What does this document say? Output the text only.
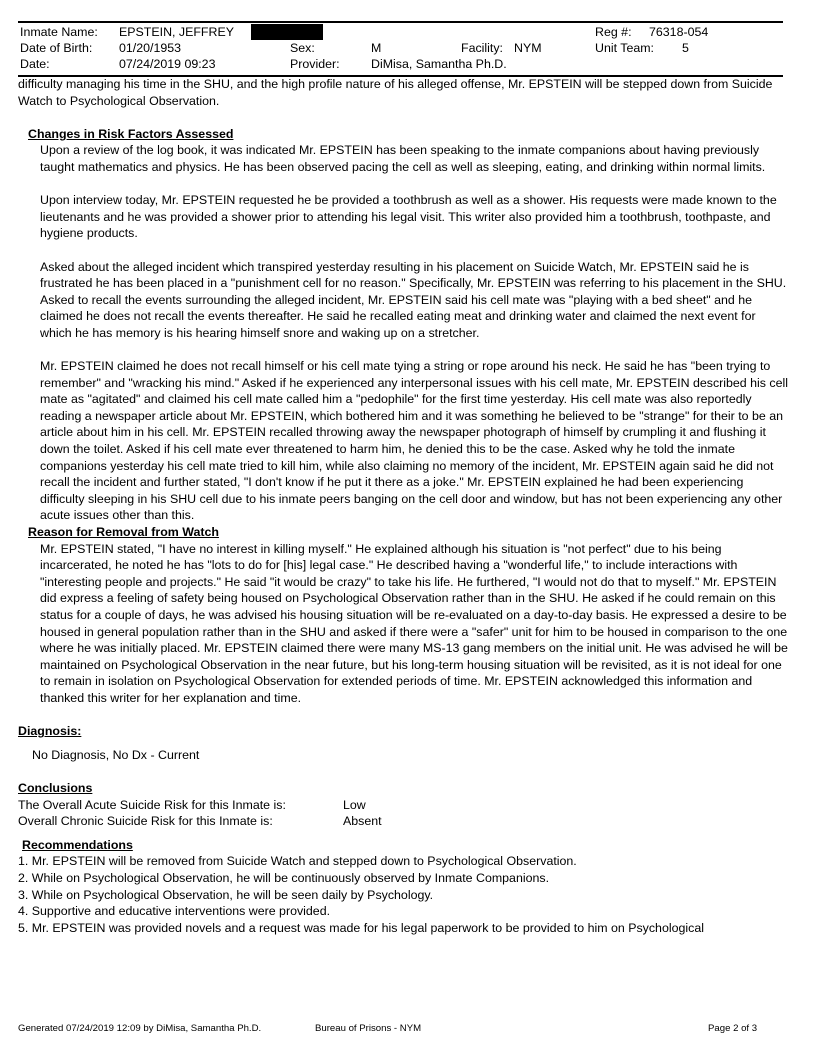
Inmate Name: EPSTEIN, JEFFREY	Reg #: 76318-054
Date of Birth: 01/20/1953	Sex:	M	Facility: NYM	Unit Team: 5
Date:	07/24/2019 09:23	Provider:	DiMisa, Samantha Ph.D.

difficulty managing his time in the SHU, and the high profile nature of his alleged offense, Mr. EPSTEIN will be stepped down from Suicide Watch to Psychological Observation.

Changes in Risk Factors Assessed

Upon a review of the log book, it was indicated Mr. EPSTEIN has been speaking to the inmate companions about having previously taught mathematics and physics. He has been observed pacing the cell as well as sleeping, eating, and drinking within normal limits.

Upon interview today, Mr. EPSTEIN requested he be provided a toothbrush as well as a shower. His requests were made known to the lieutenants and he was provided a shower prior to attending his legal visit. This writer also provided him a toothbrush, toothpaste, and hygiene products.

Asked about the alleged incident which transpired yesterday resulting in his placement on Suicide Watch, Mr. EPSTEIN said he is frustrated he has been placed in a "punishment cell for no reason." Specifically, Mr. EPSTEIN was referring to his placement in the SHU. Asked to recall the events surrounding the alleged incident, Mr. EPSTEIN said his cell mate was "playing with a bed sheet" and he claimed he does not recall the events thereafter. He said he recalled eating meat and drinking water and claimed the next event for which he has memory is his hearing himself snore and waking up on a stretcher.

Mr. EPSTEIN claimed he does not recall himself or his cell mate tying a string or rope around his neck. He said he has "been trying to remember" and "wracking his mind." Asked if he experienced any interpersonal issues with his cell mate, Mr. EPSTEIN described his cell mate as "agitated" and claimed his cell mate called him a "pedophile" for the first time yesterday. His cell mate was also reportedly reading a newspaper article about Mr. EPSTEIN, which bothered him and it was something he believed to be "strange" for their to be an article about him in his cell. Mr. EPSTEIN recalled throwing away the newspaper photograph of himself by crumpling it and flushing it down the toilet. Asked if his cell mate ever threatened to harm him, he denied this to be the case. Asked why he told the inmate companions yesterday his cell mate tried to kill him, while also claiming no memory of the incident, Mr. EPSTEIN again said he did not recall the incident and further stated, "I don't know if he put it there as a joke." Mr. EPSTEIN explained he had been experiencing difficulty sleeping in his SHU cell due to his inmate peers banging on the cell door and window, but has not been experiencing any other acute issues other than this.

Reason for Removal from Watch

Mr. EPSTEIN stated, "I have no interest in killing myself." He explained although his situation is "not perfect" due to his being incarcerated, he noted he has "lots to do for [his] legal case." He described having a "wonderful life," to include interactions with "interesting people and projects." He said "it would be crazy" to take his life. He furthered, "I would not do that to myself." Mr. EPSTEIN did express a feeling of safety being housed on Psychological Observation rather than in the SHU. He asked if he could remain on this status for a couple of days, he was advised his housing situation will be re-evaluated on a day-to-day basis. He expressed a desire to be housed in general population rather than in the SHU and asked if there were a "safer" unit for him to be housed in comparison to the one where he was initially placed. Mr. EPSTEIN claimed there were many MS-13 gang members on the initial unit. He was advised he will be maintained on Psychological Observation in the near future, but his long-term housing situation will be revisited, as it is not ideal for one to remain in isolation on Psychological Observation for extended periods of time. Mr. EPSTEIN acknowledged this information and thanked this writer for her explanation and time.

Diagnosis:

No Diagnosis, No Dx - Current

Conclusions

The Overall Acute Suicide Risk for this Inmate is:	Low
Overall Chronic Suicide Risk for this Inmate is:	Absent

Recommendations

1. Mr. EPSTEIN will be removed from Suicide Watch and stepped down to Psychological Observation.
2. While on Psychological Observation, he will be continuously observed by Inmate Companions.
3. While on Psychological Observation, he will be seen daily by Psychology.
4. Supportive and educative interventions were provided.
5. Mr. EPSTEIN was provided novels and a request was made for his legal paperwork to be provided to him on Psychological
Generated 07/24/2019 12:09 by DiMisa, Samantha Ph.D.	Bureau of Prisons - NYM	Page 2 of 3
